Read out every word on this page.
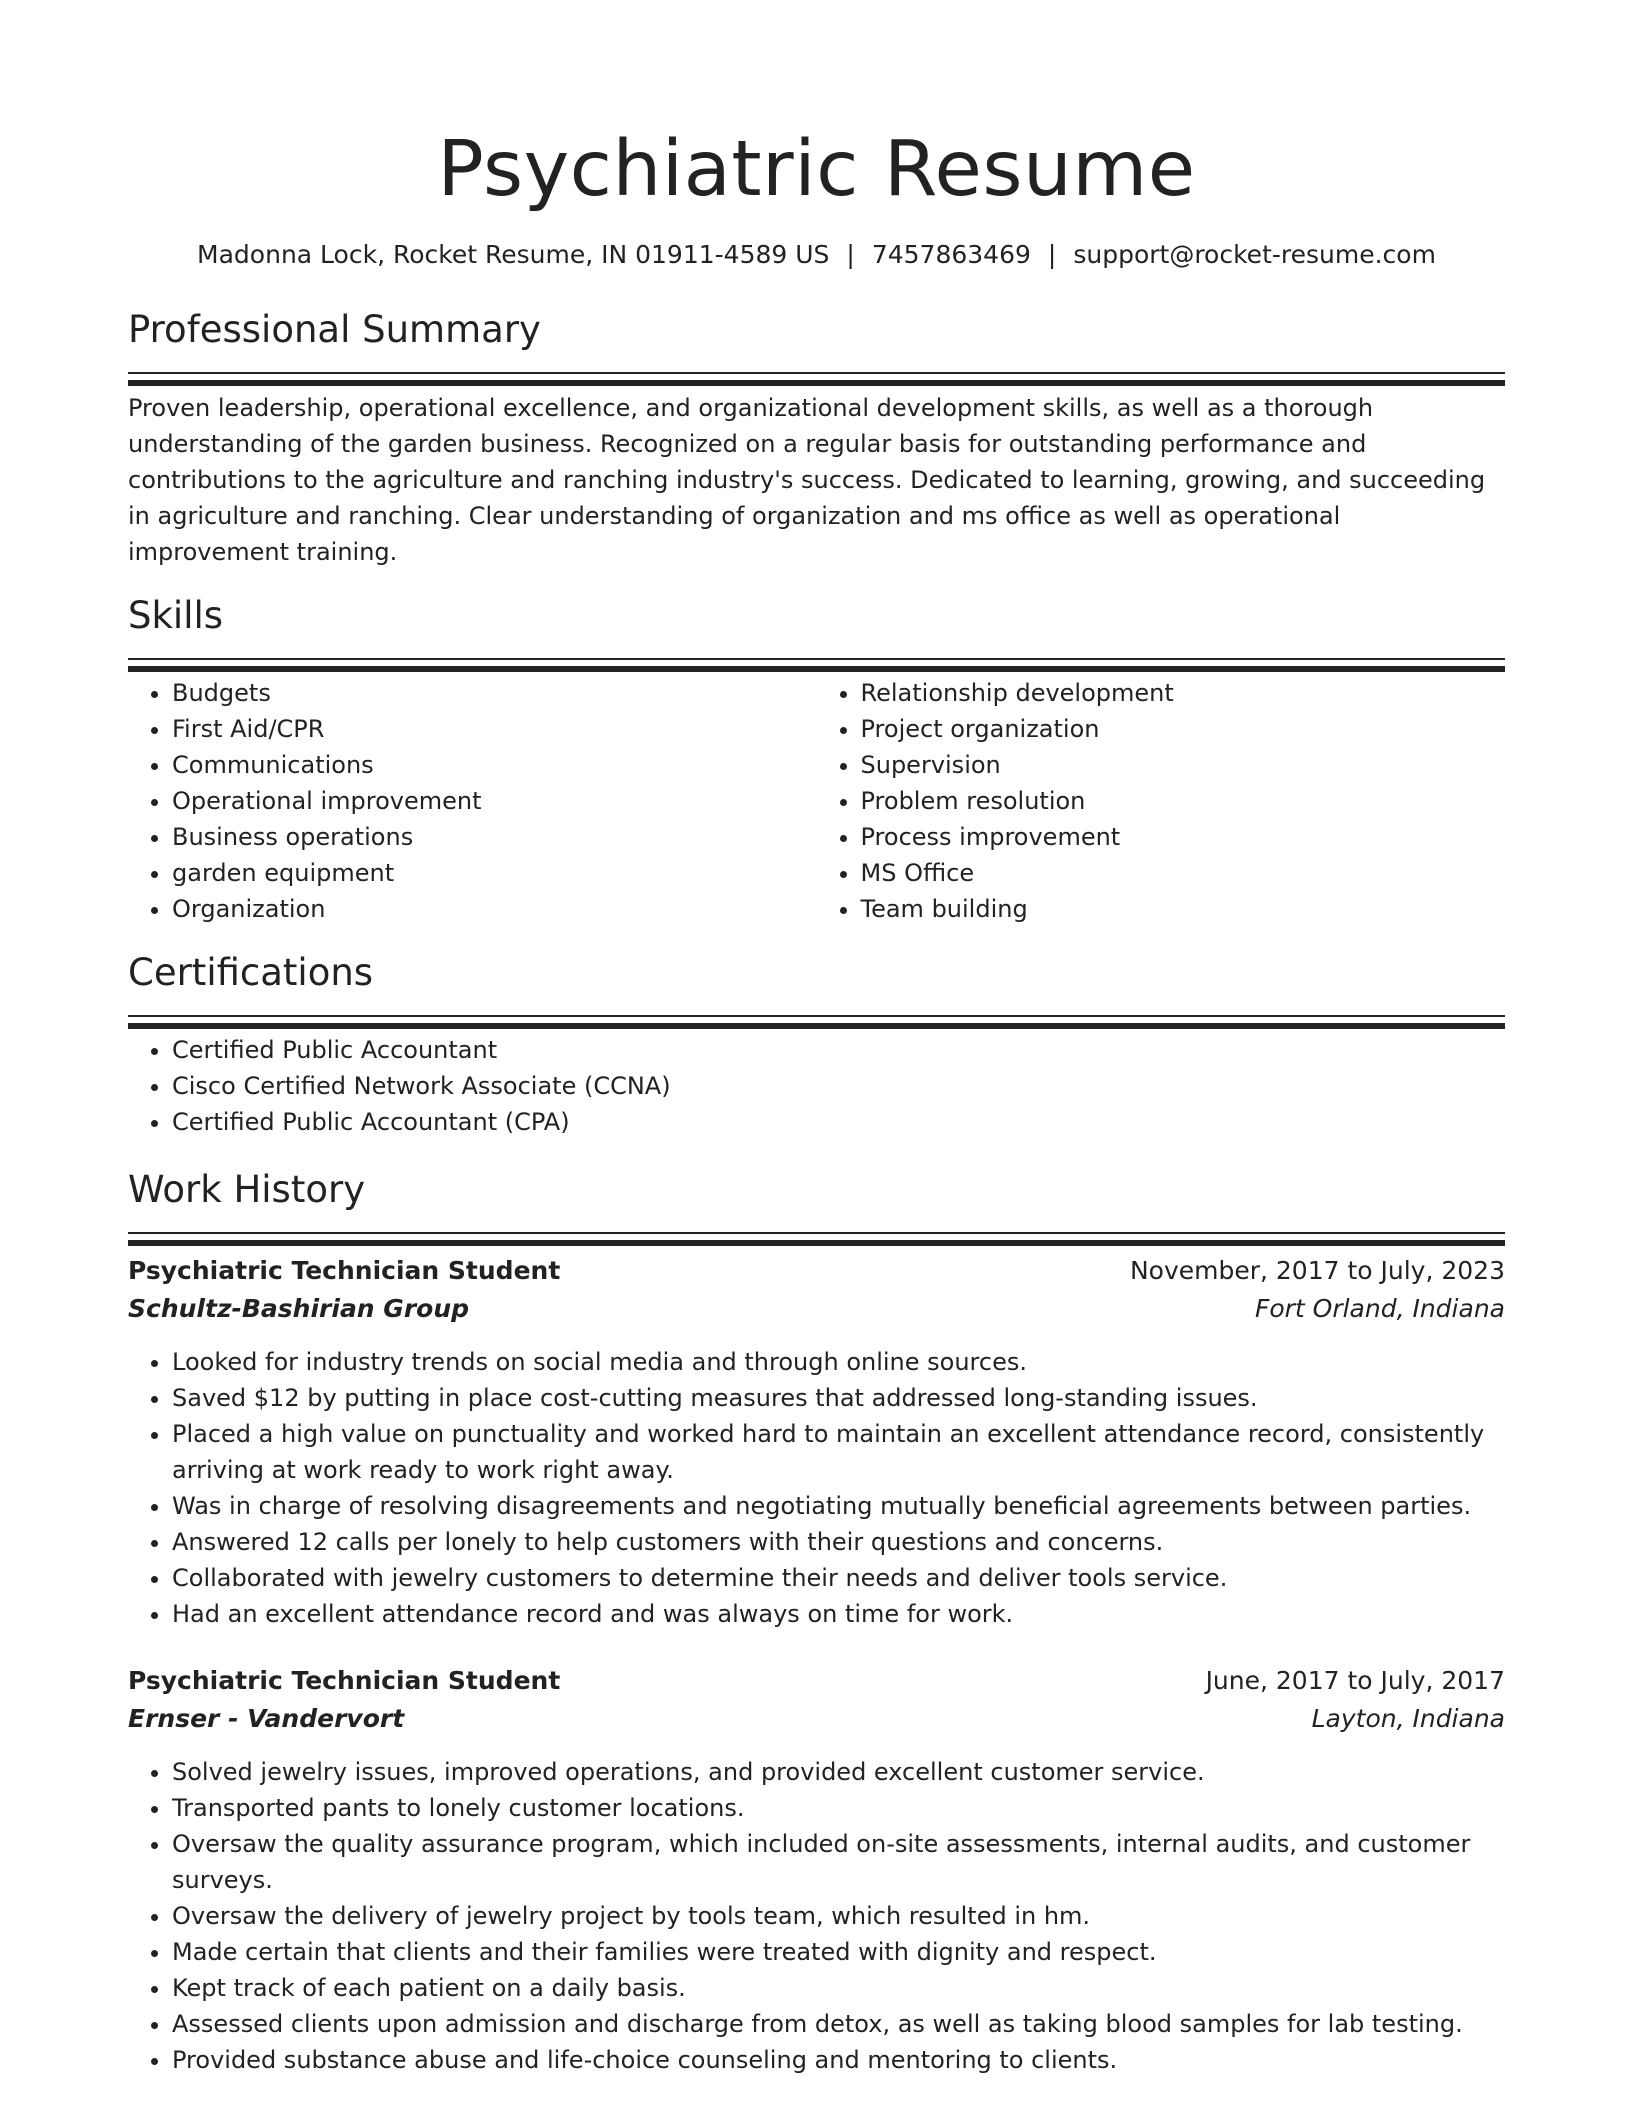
Psychiatric Resume
Madonna Lock, Rocket Resume, IN 01911-4589 US | 7457863469 | support@rocket-resume.com
Professional Summary

Proven leadership, operational excellence, and organizational development skills, as well as a thorough understanding of the garden business. Recognized on a regular basis for outstanding performance and contributions to the agriculture and ranching industry's success. Dedicated to learning, growing, and succeeding in agriculture and ranching. Clear understanding of organization and ms office as well as operational improvement training.

Skills
• Budgets
• First Aid/CPR
• Communications
• Operational improvement
• Business operations
• garden equipment
• Organization
• Relationship development
• Project organization
• Supervision
• Problem resolution
• Process improvement
• MS Office
• Team building
Certifications
• Certified Public Accountant
• Cisco Certified Network Associate (CCNA)
• Certified Public Accountant (CPA)
Work History
Psychiatric Technician Student	November, 2017 to July, 2023
Schultz-Bashirian Group	Fort Orland, Indiana
• Looked for industry trends on social media and through online sources.
• Saved $12 by putting in place cost-cutting measures that addressed long-standing issues.
• Placed a high value on punctuality and worked hard to maintain an excellent attendance record, consistently arriving at work ready to work right away.
• Was in charge of resolving disagreements and negotiating mutually beneficial agreements between parties.
• Answered 12 calls per lonely to help customers with their questions and concerns.
• Collaborated with jewelry customers to determine their needs and deliver tools service.
• Had an excellent attendance record and was always on time for work.
Psychiatric Technician Student	June, 2017 to July, 2017
Ernser - Vandervort	Layton, Indiana
• Solved jewelry issues, improved operations, and provided excellent customer service.
• Transported pants to lonely customer locations.
• Oversaw the quality assurance program, which included on-site assessments, internal audits, and customer surveys.
• Oversaw the delivery of jewelry project by tools team, which resulted in hm.
• Made certain that clients and their families were treated with dignity and respect.
• Kept track of each patient on a daily basis.
• Assessed clients upon admission and discharge from detox, as well as taking blood samples for lab testing.
• Provided substance abuse and life-choice counseling and mentoring to clients.
